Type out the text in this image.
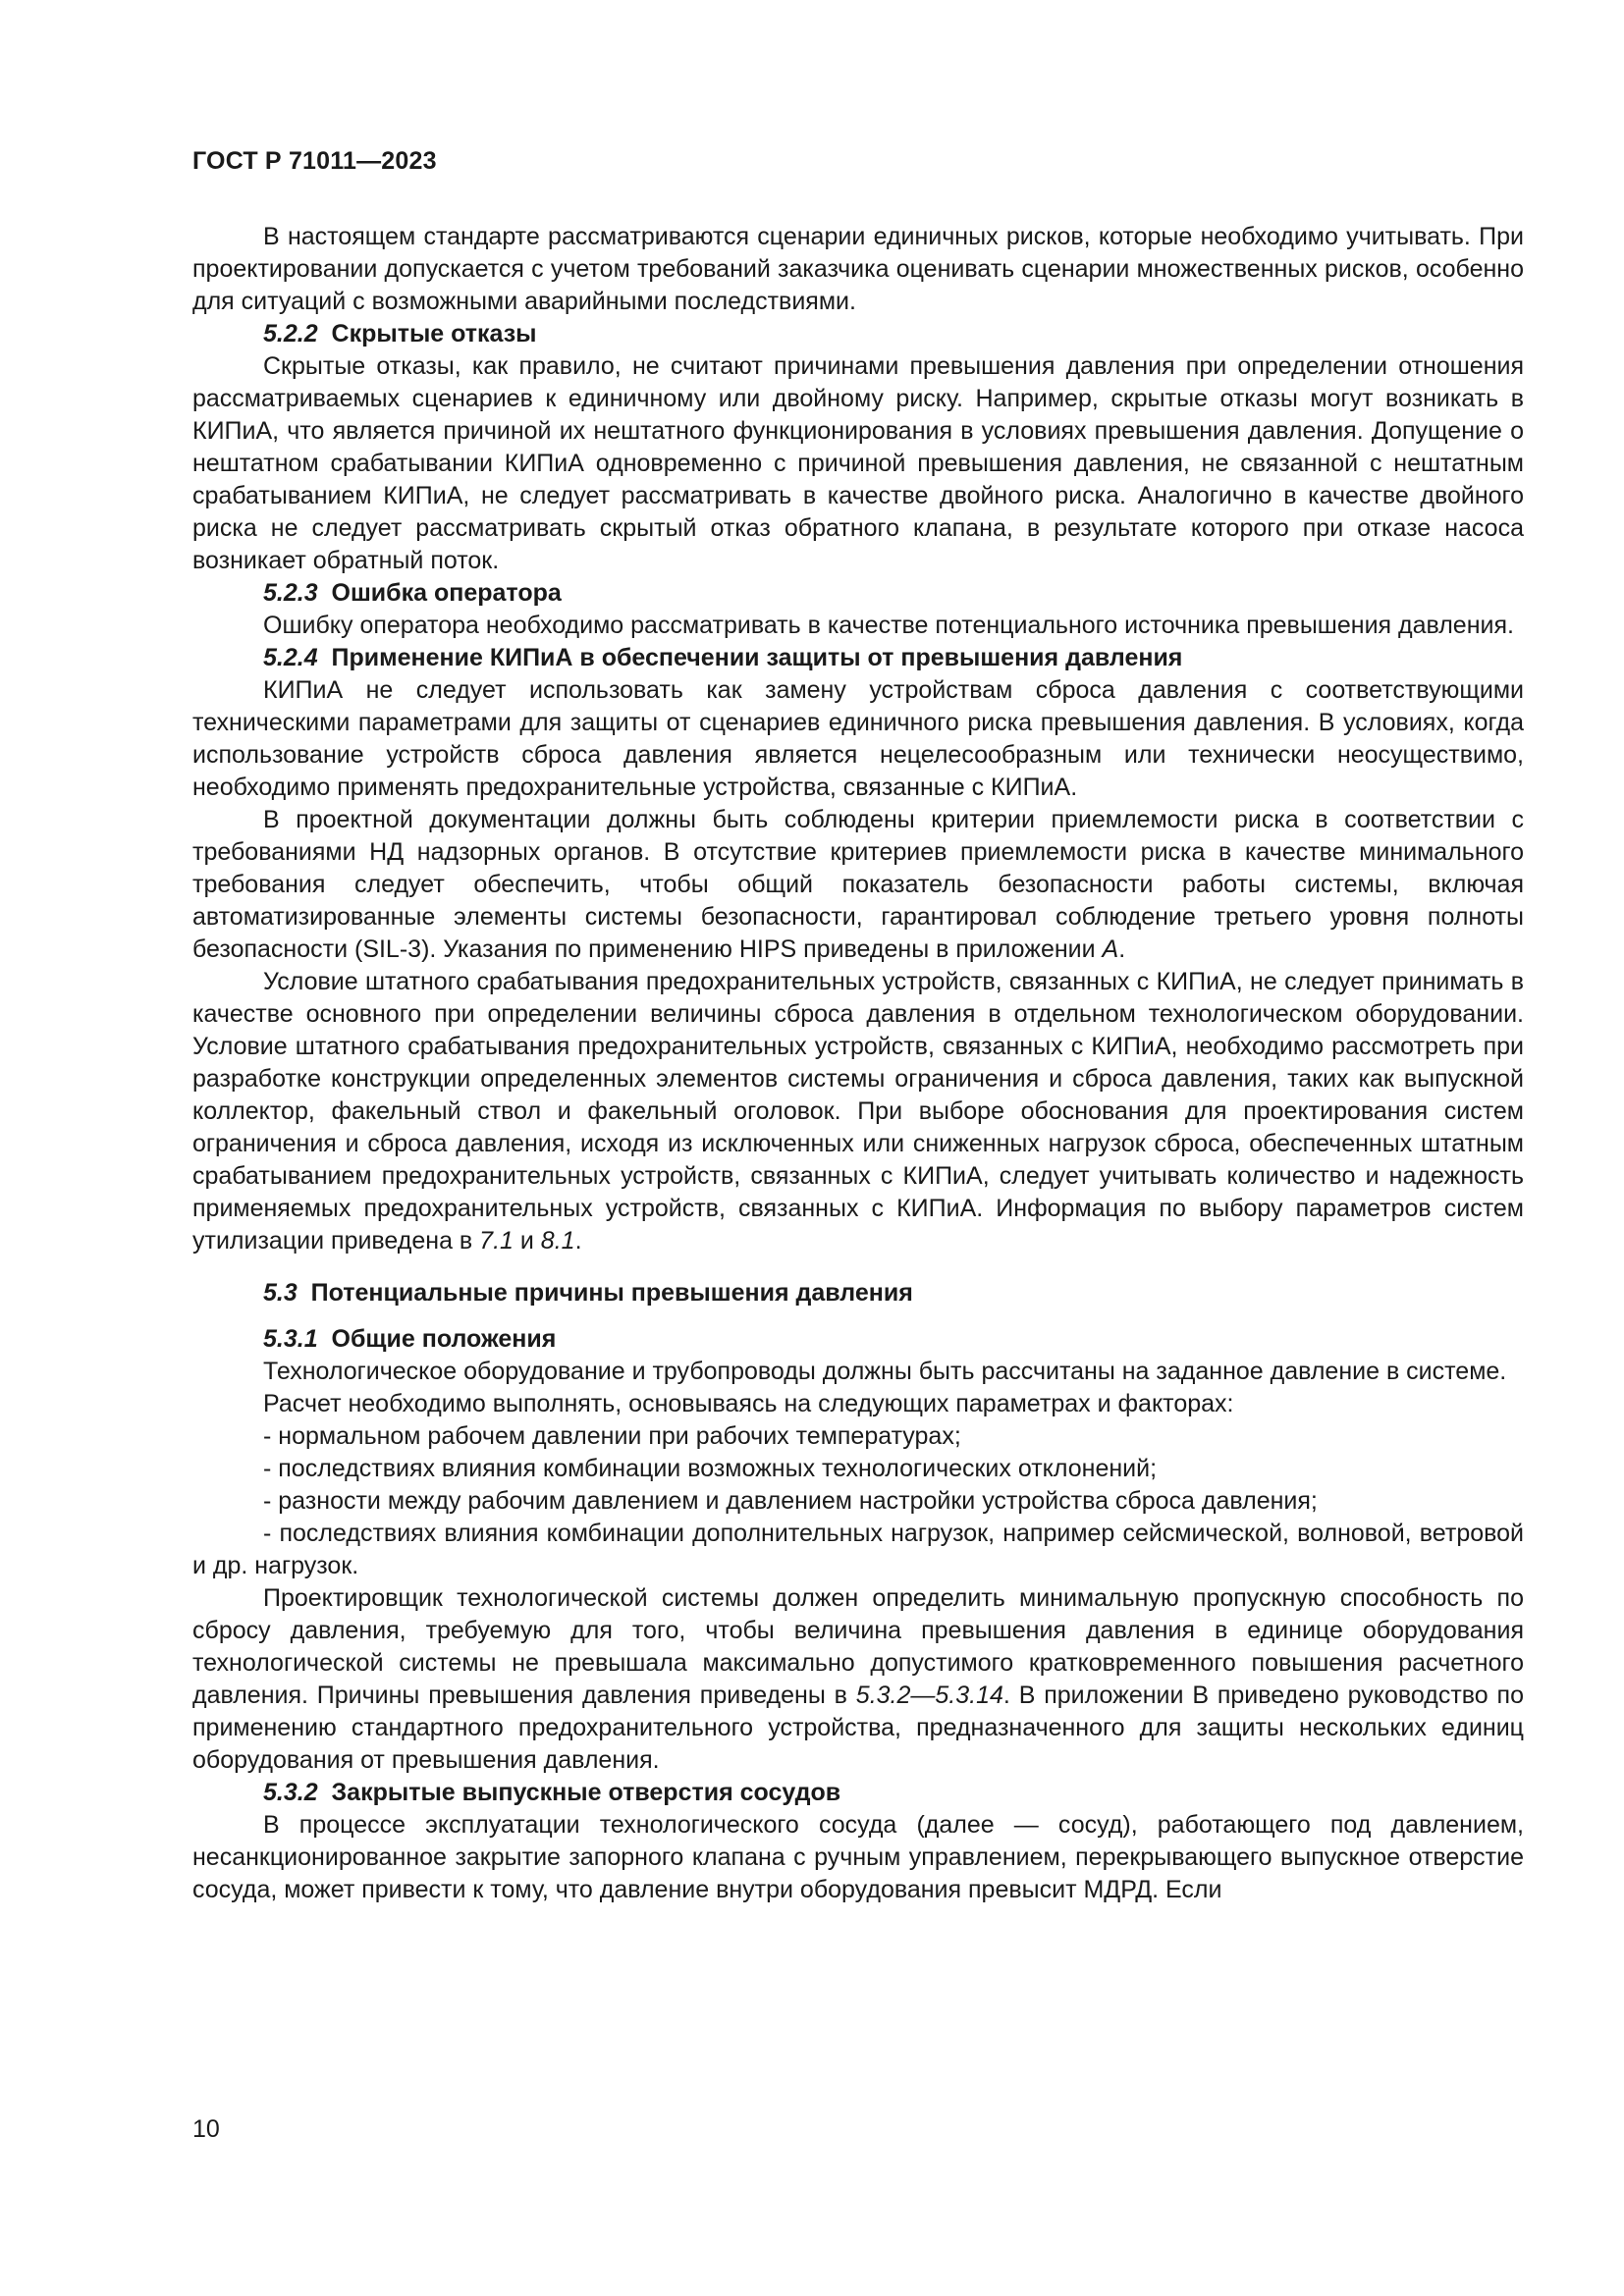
ГОСТ Р 71011—2023

В настоящем стандарте рассматриваются сценарии единичных рисков, которые необходимо учитывать. При проектировании допускается с учетом требований заказчика оценивать сценарии множественных рисков, особенно для ситуаций с возможными аварийными последствиями.

5.2.2 Скрытые отказы

Скрытые отказы, как правило, не считают причинами превышения давления при определении отношения рассматриваемых сценариев к единичному или двойному риску. Например, скрытые отказы могут возникать в КИПиА, что является причиной их нештатного функционирования в условиях превышения давления. Допущение о нештатном срабатывании КИПиА одновременно с причиной превышения давления, не связанной с нештатным срабатыванием КИПиА, не следует рассматривать в качестве двойного риска. Аналогично в качестве двойного риска не следует рассматривать скрытый отказ обратного клапана, в результате которого при отказе насоса возникает обратный поток.

5.2.3 Ошибка оператора

Ошибку оператора необходимо рассматривать в качестве потенциального источника превышения давления.

5.2.4 Применение КИПиА в обеспечении защиты от превышения давления

КИПиА не следует использовать как замену устройствам сброса давления с соответствующими техническими параметрами для защиты от сценариев единичного риска превышения давления. В условиях, когда использование устройств сброса давления является нецелесообразным или технически неосуществимо, необходимо применять предохранительные устройства, связанные с КИПиА.

В проектной документации должны быть соблюдены критерии приемлемости риска в соответствии с требованиями НД надзорных органов. В отсутствие критериев приемлемости риска в качестве минимального требования следует обеспечить, чтобы общий показатель безопасности работы системы, включая автоматизированные элементы системы безопасности, гарантировал соблюдение третьего уровня полноты безопасности (SIL-3). Указания по применению HIPS приведены в приложении А.

Условие штатного срабатывания предохранительных устройств, связанных с КИПиА, не следует принимать в качестве основного при определении величины сброса давления в отдельном технологическом оборудовании. Условие штатного срабатывания предохранительных устройств, связанных с КИПиА, необходимо рассмотреть при разработке конструкции определенных элементов системы ограничения и сброса давления, таких как выпускной коллектор, факельный ствол и факельный оголовок. При выборе обоснования для проектирования систем ограничения и сброса давления, исходя из исключенных или сниженных нагрузок сброса, обеспеченных штатным срабатыванием предохранительных устройств, связанных с КИПиА, следует учитывать количество и надежность применяемых предохранительных устройств, связанных с КИПиА. Информация по выбору параметров систем утилизации приведена в 7.1 и 8.1.

5.3 Потенциальные причины превышения давления

5.3.1 Общие положения

Технологическое оборудование и трубопроводы должны быть рассчитаны на заданное давление в системе.

Расчет необходимо выполнять, основываясь на следующих параметрах и факторах:

- нормальном рабочем давлении при рабочих температурах;

- последствиях влияния комбинации возможных технологических отклонений;

- разности между рабочим давлением и давлением настройки устройства сброса давления;

- последствиях влияния комбинации дополнительных нагрузок, например сейсмической, волновой, ветровой и др. нагрузок.

Проектировщик технологической системы должен определить минимальную пропускную способность по сбросу давления, требуемую для того, чтобы величина превышения давления в единице оборудования технологической системы не превышала максимально допустимого кратковременного повышения расчетного давления. Причины превышения давления приведены в 5.3.2—5.3.14. В приложении В приведено руководство по применению стандартного предохранительного устройства, предназначенного для защиты нескольких единиц оборудования от превышения давления.

5.3.2 Закрытые выпускные отверстия сосудов

В процессе эксплуатации технологического сосуда (далее — сосуд), работающего под давлением, несанкционированное закрытие запорного клапана с ручным управлением, перекрывающего выпускное отверстие сосуда, может привести к тому, что давление внутри оборудования превысит МДРД. Если

10
